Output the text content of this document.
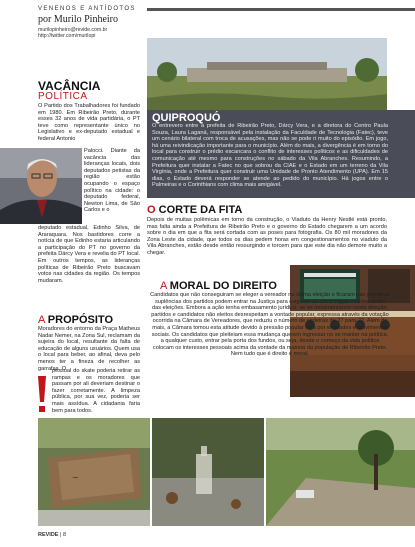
VENENOS E ANTÍDOTOS
por Murilo Pinheiro
murilopinheiro@revide.com.br
http://twitter.com/murilopi
VACÂNCIA
POLÍTICA
O Partido dos Trabalhadores foi fundado em 1980. Em Ribeirão Preto, durante esses 32 anos de vida partidária, o PT teve como representante único no Legislativo e ex-deputado estadual e federal Antonio
Palocci. Diante da vacância das lideranças locais, dois deputados petistas da região estão ocupando o espaço político na cidade: o deputado federal, Newton Lima, de São Carlos e o
deputado estadual, Edinho Silva, de Araraquara. Nos bastidores corre a notícia de que Edinho estaria articulando a participação do PT no governo da prefeita Dárcy Vera e revelia do PT local. Em outros tempos, as lideranças políticas de Ribeirão Preto buscavam votos nas cidades da região. Os tempos mudaram.
QUIPROQUÓ
O entrevero entre a prefeita de Ribeirão Preto, Dárcy Vera, e a diretora do Centro Paula Souza, Laura Laganá, responsável pela instalação da Faculdade de Tecnologia (Fatec), teve um cenário bilateral com troca de acusações, mas não se pode ri muito do episódio. Em jogo, há uma reivindicação importante para o município. Além do mais, a divergência é em torno do local para construir o prédio escancara o conflito de interesses políticos e as dificuldades de comunicação até mesmo para construções no sábado da Vila Abranches. Resumindo, a Prefeitura quer instalar a Fatec no que sobrou da CIAE e o Estado em um terreno da Vila Virgínia, onde a Prefeitura quer construir uma Unidade de Pronto Atendimento (UPA). Em 15 dias, o Estado deverá responder se atende ao pedido do município. Há jogos entre o Palmeiras e o Corinthians com clima mais amigável.
O CORTE DA FITA
Depois de muitas polêmicas em torno da construção, o Viaduto da Henry Nestlé está pronto, mas falta ainda a Prefeitura de Ribeirão Preto e o governo do Estado chegarem a um acordo sobre o dia em que a fita será cortada com as poses para fotografia. Os 80 mil moradores da Zona Leste da cidade, que todos os dias pedem horas em congestionamentos no viaduto da Vila Abranches, estão desde então ressurgindo e torcem para que este dia não demore muito a chegar.
A MORAL DO DIREITO
Candidatos que não conseguiram se eleger a vereador na última eleição e ficaram nas primeiras suplências dos partidos podem entrar na Justiça para exigirem as cinco vagas extintas antes das eleições. Embora a ação tenha embasamento jurídico, se se movimentarem nesta direção, partidos e candidatos não eleitos desrespeitam a vontade popular, expressa através da votação ocorrida na Câmara de Vereadores, que reduziu o número de cadeiras de 27 para 22. Além do mais, a Câmara tomou esta atitude devido à pressão popular feita por entidades e movimentos sociais. Os candidatos que pleiteiam essa mudança querem ingressar no se manter na política, a qualquer custo, entrar pela porta dos fundos, ou seja, desde o começo da vida política colocam os interesses pessoais acima da vontade da maioria da população de Ribeirão Preto. Nem tudo que é direito é moral.
A PROPÓSITO
Moradores do entorno da Praça Matheus Nadar Nemer, na Zona Sul, reclamam da sujeira do local, resultante da falta de educação de alguns usuários. Quem usa o local para beber, ao afinal, deva pelo menos ter a fineza de recolher as garrafas. O
pessoal do skate poderia retirar as rampas e os moradores que passam por ali deveriam destinar o fazer corretamente. A limpeza pública, por sua vez, poderia ser mais assídua. A cidadania faria bem para todos.
~
REVIDE | 8
